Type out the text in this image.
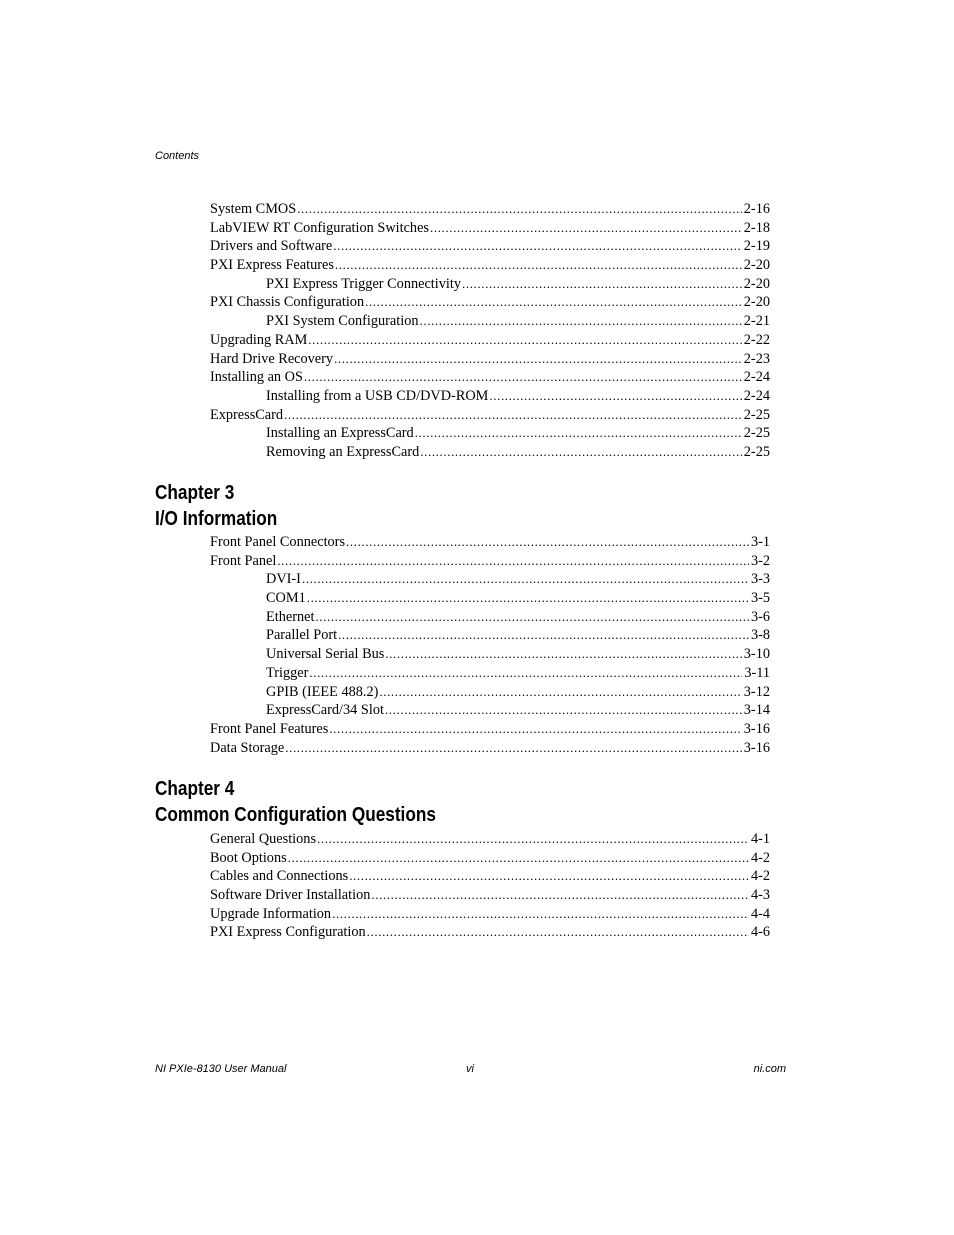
Contents
System CMOS .....	2-16
LabVIEW RT Configuration Switches .....	2-18
Drivers and Software .....	2-19
PXI Express Features .....	2-20
PXI Express Trigger Connectivity .....	2-20
PXI Chassis Configuration .....	2-20
PXI System Configuration .....	2-21
Upgrading RAM .....	2-22
Hard Drive Recovery .....	2-23
Installing an OS .....	2-24
Installing from a USB CD/DVD-ROM .....	2-24
ExpressCard .....	2-25
Installing an ExpressCard .....	2-25
Removing an ExpressCard .....	2-25
Chapter 3
I/O Information
Front Panel Connectors .....	3-1
Front Panel .....	3-2
DVI-I .....	3-3
COM1 .....	3-5
Ethernet .....	3-6
Parallel Port .....	3-8
Universal Serial Bus .....	3-10
Trigger .....	3-11
GPIB (IEEE 488.2) .....	3-12
ExpressCard/34 Slot .....	3-14
Front Panel Features .....	3-16
Data Storage .....	3-16
Chapter 4
Common Configuration Questions
General Questions .....	4-1
Boot Options .....	4-2
Cables and Connections .....	4-2
Software Driver Installation .....	4-3
Upgrade Information .....	4-4
PXI Express Configuration .....	4-6
NI PXIe-8130 User Manual	vi	ni.com
